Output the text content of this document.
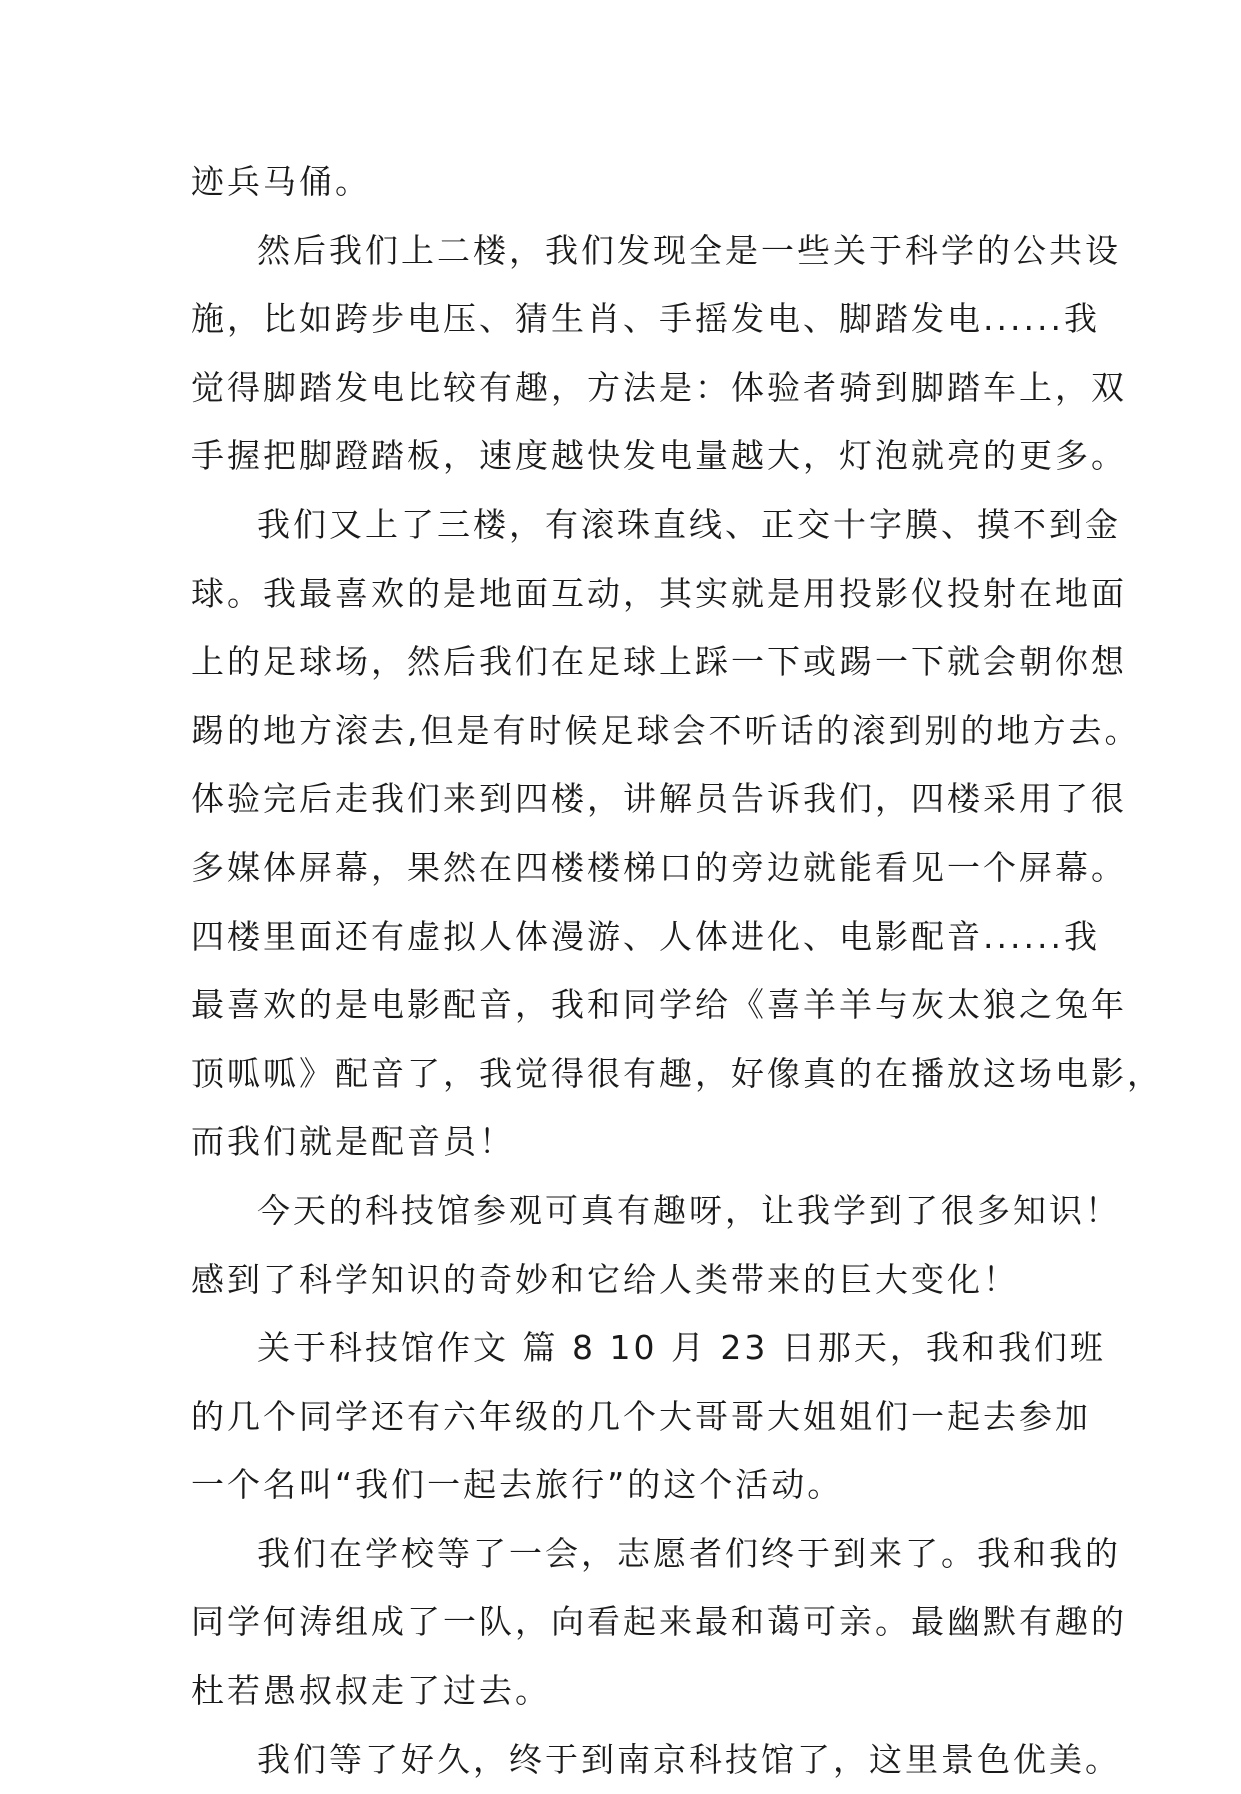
迹兵马俑。
然后我们上二楼，我们发现全是一些关于科学的公共设
施，比如跨步电压、猜生肖、手摇发电、脚踏发电......我
觉得脚踏发电比较有趣，方法是：体验者骑到脚踏车上，双
手握把脚蹬踏板，速度越快发电量越大，灯泡就亮的更多。
我们又上了三楼，有滚珠直线、正交十字膜、摸不到金
球。我最喜欢的是地面互动，其实就是用投影仪投射在地面
上的足球场，然后我们在足球上踩一下或踢一下就会朝你想
踢的地方滚去,但是有时候足球会不听话的滚到别的地方去。
体验完后走我们来到四楼，讲解员告诉我们，四楼采用了很
多媒体屏幕，果然在四楼楼梯口的旁边就能看见一个屏幕。
四楼里面还有虚拟人体漫游、人体进化、电影配音......我
最喜欢的是电影配音，我和同学给《喜羊羊与灰太狼之兔年
顶呱呱》配音了，我觉得很有趣，好像真的在播放这场电影，
而我们就是配音员！
今天的科技馆参观可真有趣呀，让我学到了很多知识！
感到了科学知识的奇妙和它给人类带来的巨大变化！
关于科技馆作文 篇 8 10 月 23 日那天，我和我们班
的几个同学还有六年级的几个大哥哥大姐姐们一起去参加
一个名叫“我们一起去旅行”的这个活动。
我们在学校等了一会，志愿者们终于到来了。我和我的
同学何涛组成了一队，向看起来最和蔼可亲。最幽默有趣的
杜若愚叔叔走了过去。
我们等了好久，终于到南京科技馆了，这里景色优美。
